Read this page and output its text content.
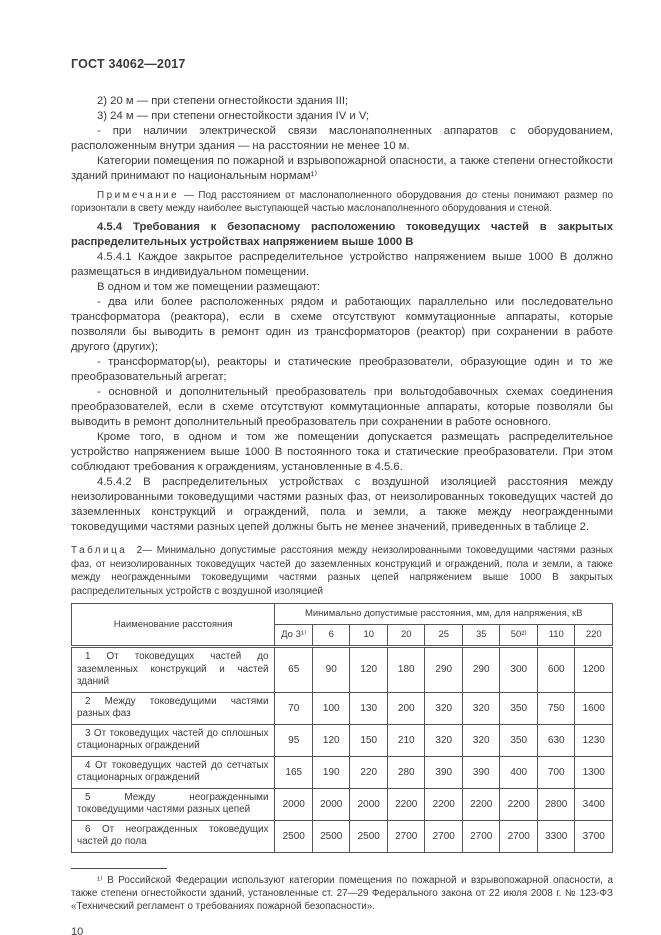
ГОСТ 34062—2017

2) 20 м — при степени огнестойкости здания III;

3) 24 м — при степени огнестойкости здания IV и V;

- при наличии электрической связи маслонаполненных аппаратов с оборудованием, расположенным внутри здания — на расстоянии не менее 10 м.

Категории помещения по пожарной и взрывопожарной опасности, а также степени огнестойкости зданий принимают по национальным нормам¹⁾

Примечание — Под расстоянием от маслонаполненного оборудования до стены понимают размер по горизонтали в свету между наиболее выступающей частью маслонаполненного оборудования и стеной.

4.5.4 Требования к безопасному расположению токоведущих частей в закрытых распределительных устройствах напряжением выше 1000 В

4.5.4.1 Каждое закрытое распределительное устройство напряжением выше 1000 В должно размещаться в индивидуальном помещении.

В одном и том же помещении размещают:

- два или более расположенных рядом и работающих параллельно или последовательно трансформатора (реактора), если в схеме отсутствуют коммутационные аппараты, которые позволяли бы выводить в ремонт один из трансформаторов (реактор) при сохранении в работе другого (других);

- трансформатор(ы), реакторы и статические преобразователи, образующие один и то же преобразовательный агрегат;

- основной и дополнительный преобразователь при вольтодобавочных схемах соединения преобразователей, если в схеме отсутствуют коммутационные аппараты, которые позволяли бы выводить в ремонт дополнительный преобразователь при сохранении в работе основного.

Кроме того, в одном и том же помещении допускается размещать распределительное устройство напряжением выше 1000 В постоянного тока и статические преобразователи. При этом соблюдают требования к ограждениям, установленные в 4.5.6.

4.5.4.2 В распределительных устройствах с воздушной изоляцией расстояния между неизолированными токоведущими частями разных фаз, от неизолированных токоведущих частей до заземленных конструкций и ограждений, пола и земли, а также между неогражденными токоведущими частями разных цепей должны быть не менее значений, приведенных в таблице 2.

Таблица 2— Минимально допустимые расстояния между неизолированными токоведущими частями разных фаз, от неизолированных токоведущих частей до заземленных конструкций и ограждений, пола и земли, а также между неогражденными токоведущими частями разных цепей напряжением выше 1000 В закрытых распределительных устройств с воздушной изоляцией

Наименование расстояния	Минимально допустимые расстояния, мм, для напряжения, кВ								
	До 3¹⁾	6	10	20	25	35	50²⁾	110	220
1 От токоведущих частей до заземленных конструкций и частей зданий	65	90	120	180	290	290	300	600	1200
2 Между токоведущими частями разных фаз	70	100	130	200	320	320	350	750	1600
3 От токоведущих частей до сплошных стационарных ограждений	95	120	150	210	320	320	350	630	1230
4 От токоведущих частей до сетчатых стационарных ограждений	165	190	220	280	390	390	400	700	1300
5 Между неогражденными токоведущими частями разных цепей	2000	2000	2000	2200	2200	2200	2200	2800	3400
6 От неогражденных токоведущих частей до пола	2500	2500	2500	2700	2700	2700	2700	3300	3700

¹⁾ В Российской Федерации используют категории помещения по пожарной и взрывопожарной опасности, а также степени огнестойкости зданий, установленные ст. 27—29 Федерального закона от 22 июля 2008 г. № 123-ФЗ «Технический регламент о требованиях пожарной безопасности».

10
